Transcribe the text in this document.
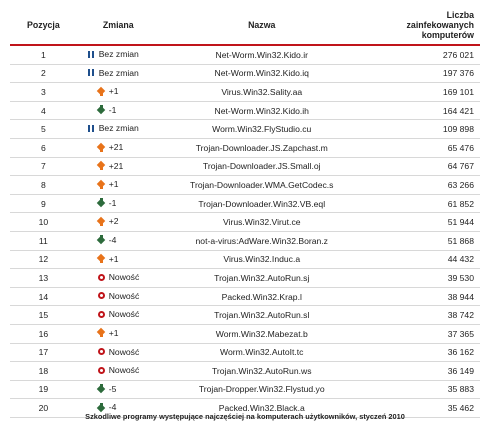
Pozycja	Zmiana	Nazwa	Liczba
zainfekowanych
komputerów

1	Bez zmian	Net-Worm.Win32.Kido.ir	276 021
2	Bez zmian	Net-Worm.Win32.Kido.iq	197 376
3	+1	Virus.Win32.Sality.aa	169 101
4	-1	Net-Worm.Win32.Kido.ih	164 421
5	Bez zmian	Worm.Win32.FlyStudio.cu	109 898
6	+21	Trojan-Downloader.JS.Zapchast.m	65 476
7	+21	Trojan-Downloader.JS.Small.oj	64 767
8	+1	Trojan-Downloader.WMA.GetCodec.s	63 266
9	-1	Trojan-Downloader.Win32.VB.eql	61 852
10	+2	Virus.Win32.Virut.ce	51 944
11	-4	not-a-virus:AdWare.Win32.Boran.z	51 868
12	+1	Virus.Win32.Induc.a	44 432
13	Nowość	Trojan.Win32.AutoRun.sj	39 530
14	Nowość	Packed.Win32.Krap.l	38 944
15	Nowość	Trojan.Win32.AutoRun.sl	38 742
16	+1	Worm.Win32.Mabezat.b	37 365
17	Nowość	Worm.Win32.AutoIt.tc	36 162
18	Nowość	Trojan.Win32.AutoRun.ws	36 149
19	-5	Trojan-Dropper.Win32.Flystud.yo	35 883
20	-4	Packed.Win32.Black.a	35 462
Szkodliwe programy występujące najczęściej na komputerach użytkowników, styczeń 2010
